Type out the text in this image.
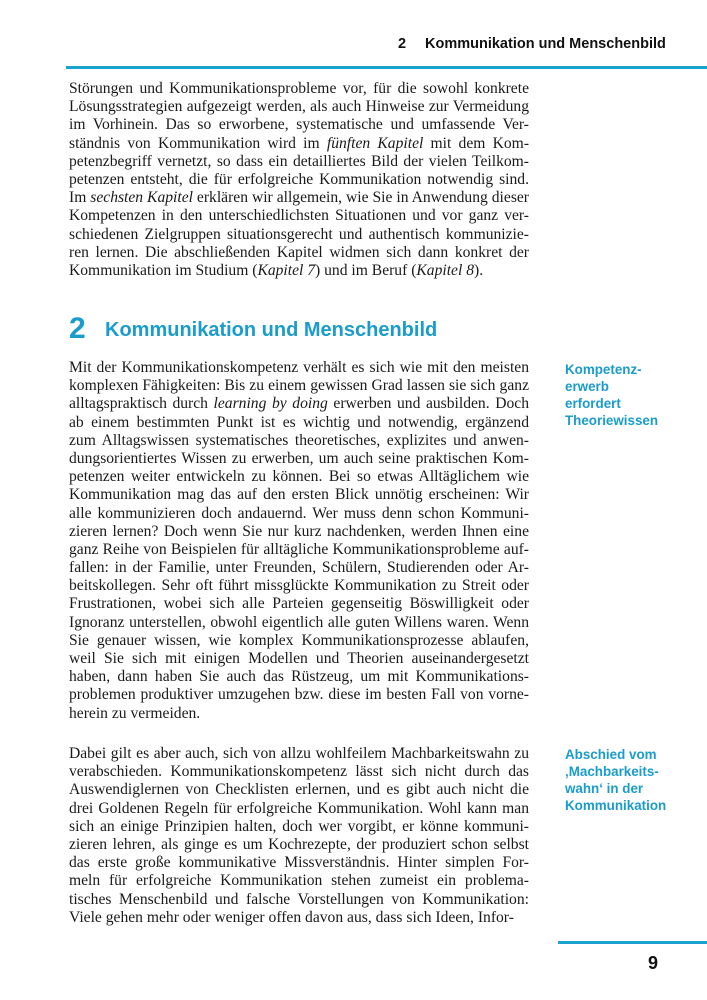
2 Kommunikation und Menschenbild
Störungen und Kommunikationsprobleme vor, für die sowohl konkrete
Lösungsstrategien aufgezeigt werden, als auch Hinweise zur Vermeidung
im Vorhinein. Das so erworbene, systematische und umfassende Ver-
ständnis von Kommunikation wird im fünften Kapitel mit dem Kom-
petenzbegriff vernetzt, so dass ein detailliertes Bild der vielen Teilkom-
petenzen entsteht, die für erfolgreiche Kommunikation notwendig sind.
Im sechsten Kapitel erklären wir allgemein, wie Sie in Anwendung dieser
Kompetenzen in den unterschiedlichsten Situationen und vor ganz ver-
schiedenen Zielgruppen situationsgerecht und authentisch kommunizie-
ren lernen. Die abschließenden Kapitel widmen sich dann konkret der
Kommunikation im Studium (Kapitel 7) und im Beruf (Kapitel 8).
2 Kommunikation und Menschenbild
Mit der Kommunikationskompetenz verhält es sich wie mit den meisten
komplexen Fähigkeiten: Bis zu einem gewissen Grad lassen sie sich ganz
alltagspraktisch durch learning by doing erwerben und ausbilden. Doch
ab einem bestimmten Punkt ist es wichtig und notwendig, ergänzend
zum Alltagswissen systematisches theoretisches, explizites und anwen-
dungsorientiertes Wissen zu erwerben, um auch seine praktischen Kom-
petenzen weiter entwickeln zu können. Bei so etwas Alltäglichem wie
Kommunikation mag das auf den ersten Blick unnötig erscheinen: Wir
alle kommunizieren doch andauernd. Wer muss denn schon Kommuni-
zieren lernen? Doch wenn Sie nur kurz nachdenken, werden Ihnen eine
ganz Reihe von Beispielen für alltägliche Kommunikationsprobleme auf-
fallen: in der Familie, unter Freunden, Schülern, Studierenden oder Ar-
beitskollegen. Sehr oft führt missglückte Kommunikation zu Streit oder
Frustrationen, wobei sich alle Parteien gegenseitig Böswilligkeit oder
Ignoranz unterstellen, obwohl eigentlich alle guten Willens waren. Wenn
Sie genauer wissen, wie komplex Kommunikationsprozesse ablaufen,
weil Sie sich mit einigen Modellen und Theorien auseinandergesetzt
haben, dann haben Sie auch das Rüstzeug, um mit Kommunikations-
problemen produktiver umzugehen bzw. diese im besten Fall von vorne-
herein zu vermeiden.
Dabei gilt es aber auch, sich von allzu wohlfeilem Machbarkeitswahn zu
verabschieden. Kommunikationskompetenz lässt sich nicht durch das
Auswendiglernen von Checklisten erlernen, und es gibt auch nicht die
drei Goldenen Regeln für erfolgreiche Kommunikation. Wohl kann man
sich an einige Prinzipien halten, doch wer vorgibt, er könne kommuni-
zieren lehren, als ginge es um Kochrezepte, der produziert schon selbst
das erste große kommunikative Missverständnis. Hinter simplen For-
meln für erfolgreiche Kommunikation stehen zumeist ein problema-
tisches Menschenbild und falsche Vorstellungen von Kommunikation:
Viele gehen mehr oder weniger offen davon aus, dass sich Ideen, Infor-
Kompetenz-
erwerb
erfordert
Theoriewissen
Abschied vom
‚Machbarkeits-
wahn‘ in der
Kommunikation
9
